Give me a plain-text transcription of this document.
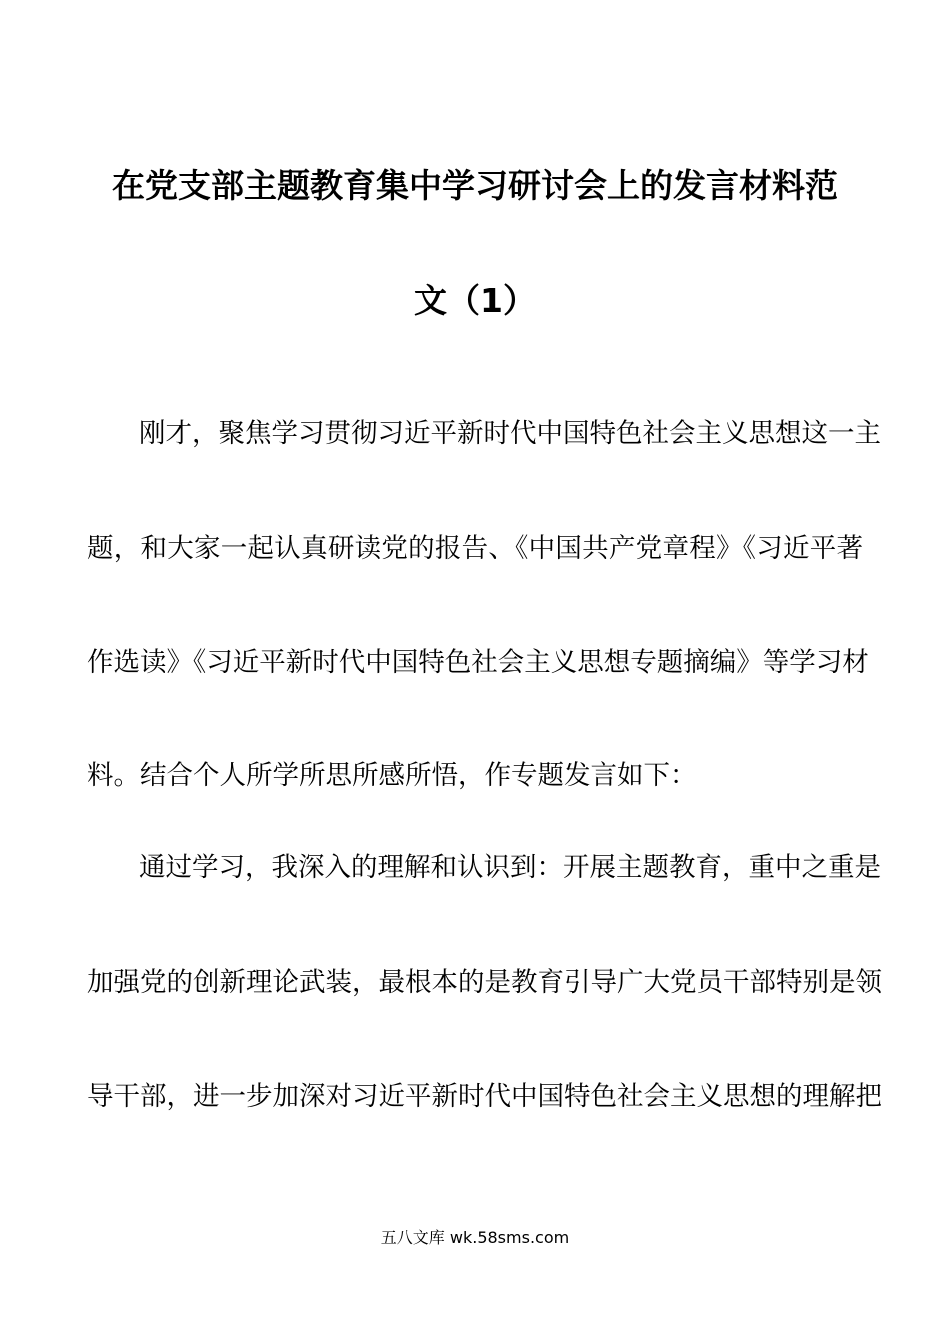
在党支部主题教育集中学习研讨会上的发言材料范
文（1）
刚才，聚焦学习贯彻习近平新时代中国特色社会主义思想这一主
题，和大家一起认真研读党的报告、《中国共产党章程》《习近平著
作选读》《习近平新时代中国特色社会主义思想专题摘编》等学习材
料。结合个人所学所思所感所悟，作专题发言如下：
通过学习，我深入的理解和认识到：开展主题教育，重中之重是
加强党的创新理论武装，最根本的是教育引导广大党员干部特别是领
导干部，进一步加深对习近平新时代中国特色社会主义思想的理解把
五八文库 wk.58sms.com
